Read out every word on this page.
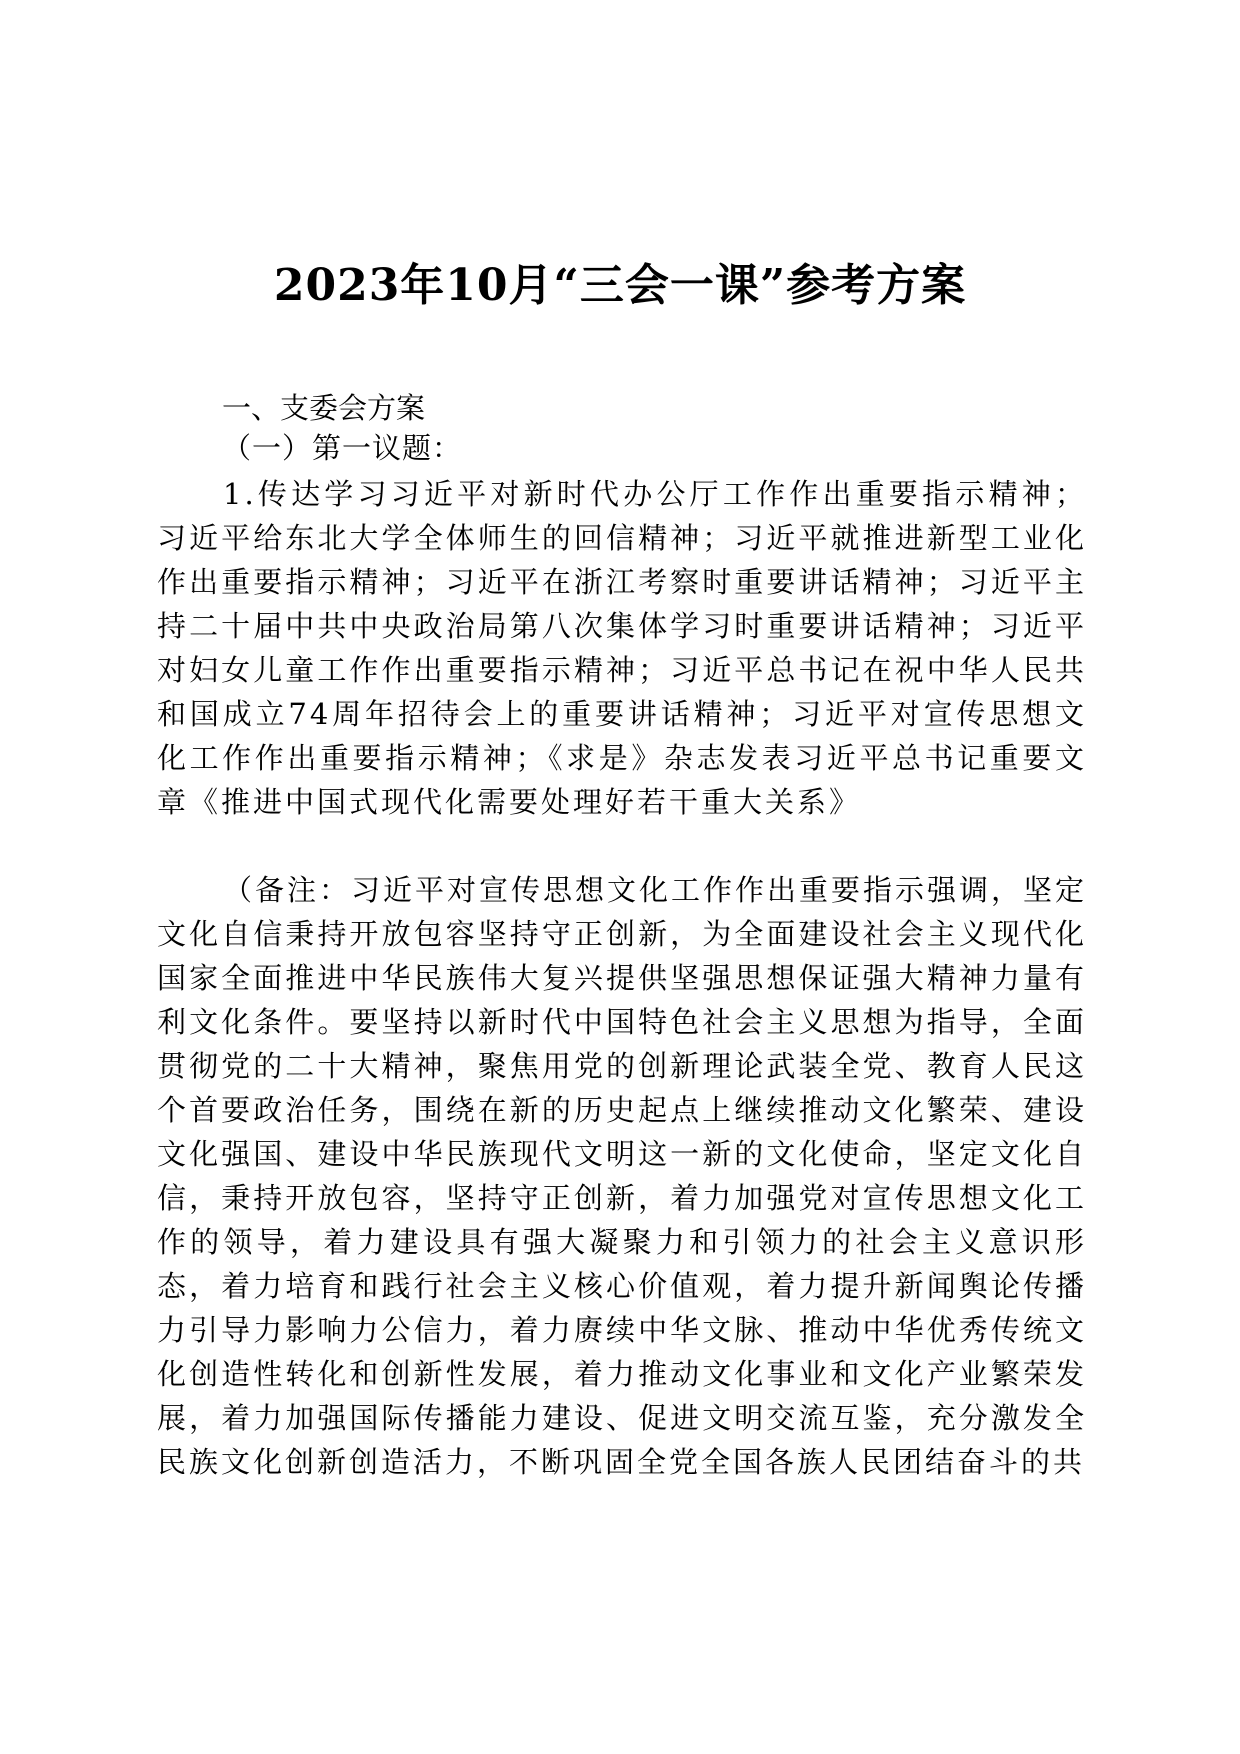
2023年10月“三会一课”参考方案
一、支委会方案
（一）第一议题：

1.传达学习习近平对新时代办公厅工作作出重要指示精神；习近平给东北大学全体师生的回信精神；习近平就推进新型工业化作出重要指示精神；习近平在浙江考察时重要讲话精神；习近平主持二十届中共中央政治局第八次集体学习时重要讲话精神；习近平对妇女儿童工作作出重要指示精神；习近平总书记在祝中华人民共和国成立74周年招待会上的重要讲话精神；习近平对宣传思想文化工作作出重要指示精神；《求是》杂志发表习近平总书记重要文章《推进中国式现代化需要处理好若干重大关系》

（备注：习近平对宣传思想文化工作作出重要指示强调，坚定文化自信秉持开放包容坚持守正创新，为全面建设社会主义现代化国家全面推进中华民族伟大复兴提供坚强思想保证强大精神力量有利文化条件。要坚持以新时代中国特色社会主义思想为指导，全面贯彻党的二十大精神，聚焦用党的创新理论武装全党、教育人民这个首要政治任务，围绕在新的历史起点上继续推动文化繁荣、建设文化强国、建设中华民族现代文明这一新的文化使命，坚定文化自信，秉持开放包容，坚持守正创新，着力加强党对宣传思想文化工作的领导，着力建设具有强大凝聚力和引领力的社会主义意识形态，着力培育和践行社会主义核心价值观，着力提升新闻舆论传播力引导力影响力公信力，着力赓续中华文脉、推动中华优秀传统文化创造性转化和创新性发展，着力推动文化事业和文化产业繁荣发展，着力加强国际传播能力建设、促进文明交流互鉴，充分激发全民族文化创新创造活力，不断巩固全党全国各族人民团结奋斗的共
